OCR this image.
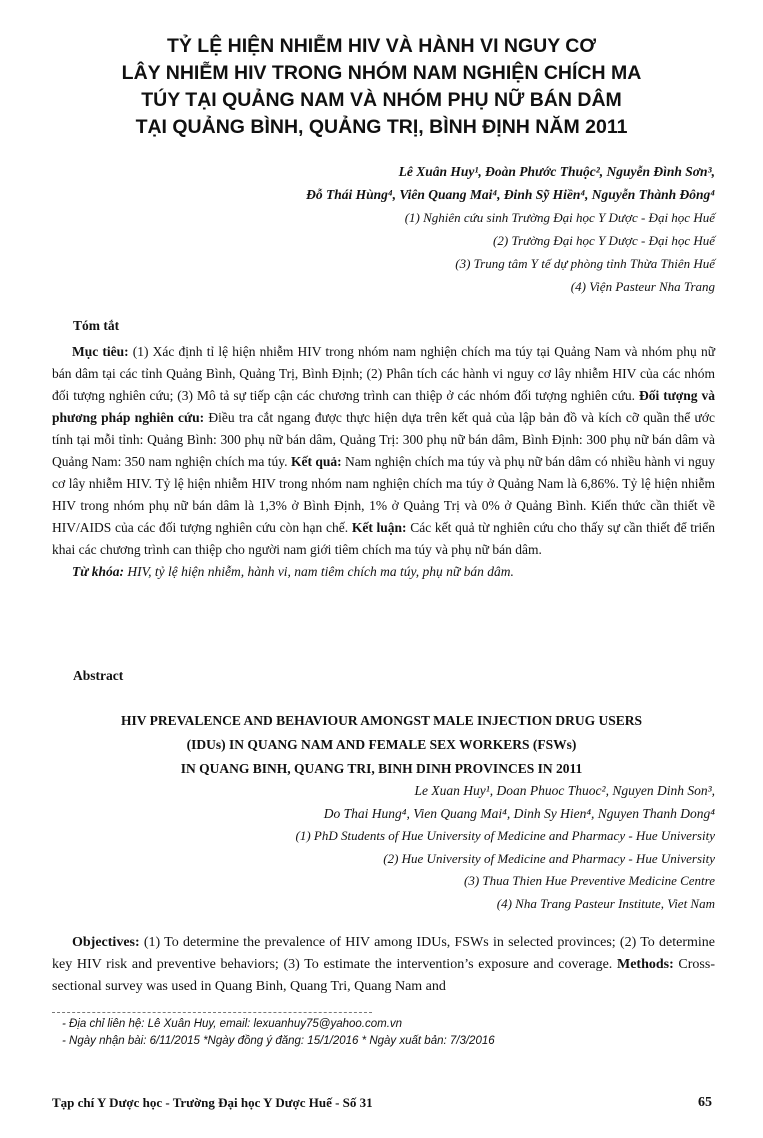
TỶ LỆ HIỆN NHIỄM HIV VÀ HÀNH VI NGUY CƠ
LÂY NHIỄM HIV TRONG NHÓM NAM NGHIỆN CHÍCH MA
TÚY TẠI QUẢNG NAM VÀ NHÓM PHỤ NỮ BÁN DÂM
TẠI QUẢNG BÌNH, QUẢNG TRỊ, BÌNH ĐỊNH NĂM 2011
Lê Xuân Huy¹, Đoàn Phước Thuộc², Nguyễn Đình Sơn³,
Đỗ Thái Hùng⁴, Viên Quang Mai⁴, Đinh Sỹ Hiền⁴, Nguyễn Thành Đông⁴
(1) Nghiên cứu sinh Trường Đại học Y Dược - Đại học Huế
(2) Trường Đại học Y Dược - Đại học Huế
(3) Trung tâm Y tế dự phòng tỉnh Thừa Thiên Huế
(4) Viện Pasteur Nha Trang
Tóm tắt

Mục tiêu: (1) Xác định tỉ lệ hiện nhiễm HIV trong nhóm nam nghiện chích ma túy tại Quảng Nam và nhóm phụ nữ bán dâm tại các tỉnh Quảng Bình, Quảng Trị, Bình Định; (2) Phân tích các hành vi nguy cơ lây nhiễm HIV của các nhóm đối tượng nghiên cứu; (3) Mô tả sự tiếp cận các chương trình can thiệp ở các nhóm đối tượng nghiên cứu. Đối tượng và phương pháp nghiên cứu: Điều tra cắt ngang được thực hiện dựa trên kết quả của lập bản đồ và kích cỡ quần thể ước tính tại mỗi tỉnh: Quảng Bình: 300 phụ nữ bán dâm, Quảng Trị: 300 phụ nữ bán dâm, Bình Định: 300 phụ nữ bán dâm và Quảng Nam: 350 nam nghiện chích ma túy. Kết quả: Nam nghiện chích ma túy và phụ nữ bán dâm có nhiều hành vi nguy cơ lây nhiễm HIV. Tỷ lệ hiện nhiễm HIV trong nhóm nam nghiện chích ma túy ở Quảng Nam là 6,86%. Tỷ lệ hiện nhiễm HIV trong nhóm phụ nữ bán dâm là 1,3% ở Bình Định, 1% ở Quảng Trị và 0% ở Quảng Bình. Kiến thức cần thiết về HIV/AIDS của các đối tượng nghiên cứu còn hạn chế. Kết luận: Các kết quả từ nghiên cứu cho thấy sự cần thiết để triển khai các chương trình can thiệp cho người nam giới tiêm chích ma túy và phụ nữ bán dâm.

Từ khóa: HIV, tỷ lệ hiện nhiễm, hành vi, nam tiêm chích ma túy, phụ nữ bán dâm.

Abstract
HIV PREVALENCE AND BEHAVIOUR AMONGST MALE INJECTION DRUG USERS
(IDUs) IN QUANG NAM AND FEMALE SEX WORKERS (FSWs)
IN QUANG BINH, QUANG TRI, BINH DINH PROVINCES IN 2011
Le Xuan Huy¹, Doan Phuoc Thuoc², Nguyen Dinh Son³,
Do Thai Hung⁴, Vien Quang Mai⁴, Dinh Sy Hien⁴, Nguyen Thanh Dong⁴
(1) PhD Students of Hue University of Medicine and Pharmacy - Hue University
(2) Hue University of Medicine and Pharmacy - Hue University
(3) Thua Thien Hue Preventive Medicine Centre
(4) Nha Trang Pasteur Institute, Viet Nam

Objectives: (1) To determine the prevalence of HIV among IDUs, FSWs in selected provinces; (2) To determine key HIV risk and preventive behaviors; (3) To estimate the intervention’s exposure and coverage. Methods: Cross-sectional survey was used in Quang Binh, Quang Tri, Quang Nam and

- Địa chỉ liên hệ: Lê Xuân Huy, email: lexuanhuy75@yahoo.com.vn
- Ngày nhận bài: 6/11/2015 *Ngày đồng ý đăng: 15/1/2016 * Ngày xuất bản: 7/3/2016
Tạp chí Y Dược học - Trường Đại học Y Dược Huế - Số 31	65
